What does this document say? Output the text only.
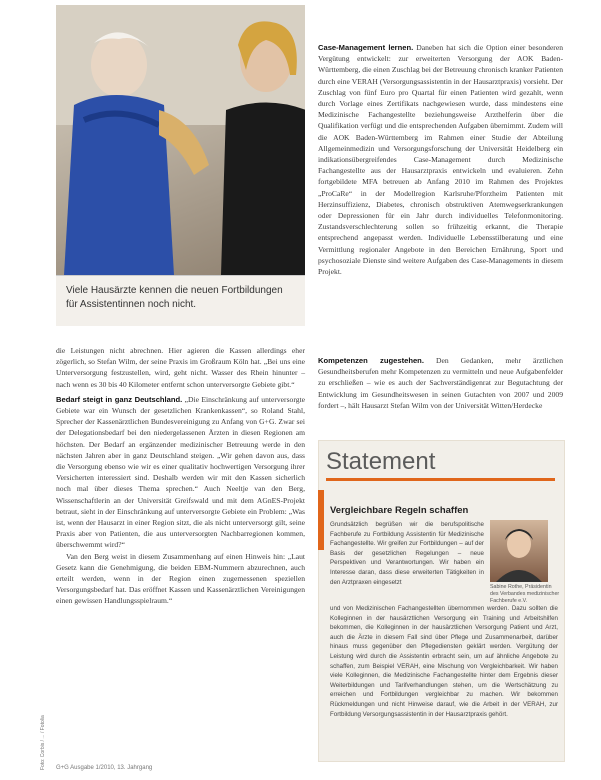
Viele Hausärzte kennen die neuen Fortbildungen für Assistentinnen noch nicht.

Case-Management lernen. Daneben hat sich die Option einer besonderen Vergütung entwickelt: zur erweiterten Versorgung der AOK Baden-Württemberg, die einen Zuschlag bei der Betreuung chronisch kranker Patienten durch eine VERAH (Versorgungsassistentin in der Hausarztpraxis) vorsieht. Der Zuschlag von fünf Euro pro Quartal für einen Patienten wird gezahlt, wenn durch Vorlage eines Zertifikats nachgewiesen wurde, dass mindestens eine Medizinische Fachangestellte beziehungsweise Arzthelferin über die Qualifikation verfügt und die entsprechenden Aufgaben übernimmt. Zudem will die AOK Baden-Württemberg im Rahmen einer Studie der Abteilung Allgemeinmedizin und Versorgungsforschung der Universität Heidelberg ein indikationsübergreifendes Case-Management durch Medizinische Fachangestellte aus der Hausarztpraxis entwickeln und evaluieren. Zehn fortgebildete MFA betreuen ab Anfang 2010 im Rahmen des Projektes „ProCaRe“ in der Modellregion Karlsruhe/Pforzheim Patienten mit Herzinsuffizienz, Diabetes, chronisch obstruktiven Atemwegserkrankungen oder Depressionen für ein Jahr durch individuelles Telefonmonitoring. Zustandsverschlechterung sollen so frühzeitig erkannt, die Therapie entsprechend angepasst werden. Individuelle Lebensstilberatung und eine Vermittlung regionaler Angebote in den Bereichen Ernährung, Sport und psychosoziale Dienste sind weitere Aufgaben des Case-Managements in diesem Projekt.

Kompetenzen zugestehen. Den Gedanken, mehr ärztlichen Gesundheitsberufen mehr Kompetenzen zu vermitteln und neue Aufgabenfelder zu erschließen – wie es auch der Sachverständigenrat zur Begutachtung der Entwicklung im Gesundheitswesen in seinen Gutachten von 2007 und 2009 fordert –, hält Hausarzt Stefan Wilm von der Universität Witten/Herdecke

die Leistungen nicht abrechnen. Hier agieren die Kassen allerdings eher zögerlich, so Stefan Wilm, der seine Praxis im Großraum Köln hat. „Bei uns eine Unterversorgung festzustellen, wird, geht nicht. Wasser des Rhein hinunter – nach wenn es 30 bis 40 Kilometer entfernt schon unterversorgte Gebiete gibt.“

Bedarf steigt in ganz Deutschland. „Die Einschränkung auf unterversorgte Gebiete war ein Wunsch der gesetzlichen Krankenkassen“, so Roland Stahl, Sprecher der Kassenärztlichen Bundesvereinigung zu Anfang von G+G. Zwar sei der Delegationsbedarf bei den niedergelassenen Ärzten in diesen Regionen am höchsten. Der Bedarf an ergänzender medizinischer Betreuung werde in den nächsten Jahren aber in ganz Deutschland steigen. „Wir gehen davon aus, dass die Versorgung ebenso wie wir es einer qualitativ hochwertigen Versorgung ihrer Versicherten interessiert sind. Deshalb werden wir mit den Kassen sicherlich noch mal über dieses Thema sprechen.“ Auch Neeltje van den Berg, Wissenschaftlerin an der Universität Greifswald und mit dem AGnES-Projekt betraut, sieht in der Einschränkung auf unterversorgte Gebiete ein Problem: „Was ist, wenn der Hausarzt in einer Region sitzt, die als nicht unterversorgt gilt, seine Praxis aber von Patienten, die aus unterversorgten Nachbarregionen kommen, überschwemmt wird?“

Van den Berg weist in diesem Zusammenhang auf einen Hinweis hin: „Laut Gesetz kann die Genehmigung, die beiden EBM-Nummern abzurechnen, auch erteilt werden, wenn in der Region einen zugemessenen speziellen Versorgungsbedarf hat. Das eröffnet Kassen und Kassenärztlichen Vereinigungen einen gewissen Handlungsspielraum.“

Foto: Corbis / ... / Fotolia
Statement
Vergleichbare Regeln schaffen
Grundsätzlich begrüßen wir die berufspolitische Fachberufe zu Fortbildung Assistentin für Medizinische Fachangestellte. Wir greifen zur Fortbildungen – auf der Basis der gesetzlichen Regelungen – neue Perspektiven und Verantwortungen. Wir haben ein Interesse daran, dass diese erweiterten Tätigkeiten in den Arztpraxen eingesetzt
Sabine Rothe, Präsidentin des Verbandes medizinischer Fachberufe e.V.
und von Medizinischen Fachangestellten übernommen werden. Dazu sollten die Kolleginnen in der hausärztlichen Versorgung ein Training und Arbeitshilfen bekommen, die Kolleginnen in der hausärztlichen Versorgung Patient und Arzt, auch die Ärzte in diesem Fall sind über Pflege und Zusammenarbeit, darüber hinaus muss gegenüber den Pflegediensten geklärt werden. Vergütung der Leistung wird durch die Assistentin erbracht sein, um auf ähnliche Angebote zu schaffen, zum Beispiel VERAH, eine Mischung von Vergleichbarkeit. Wir haben viele Kolleginnen, die Medizinische Fachangestellte hinter dem Ergebnis dieser Weiterbildungen und Tarifverhandlungen stehen, um die Wertschätzung zu erreichen und Fortbildungen vergleichbar zu machen. Wir bekommen Rückmeldungen und nicht Hinweise darauf, wie die Arbeit in der VERAH, zur Fortbildung Versorgungsassistentin in der Hausarztpraxis gehört.
G+G Ausgabe 1/2010, 13. Jahrgang
